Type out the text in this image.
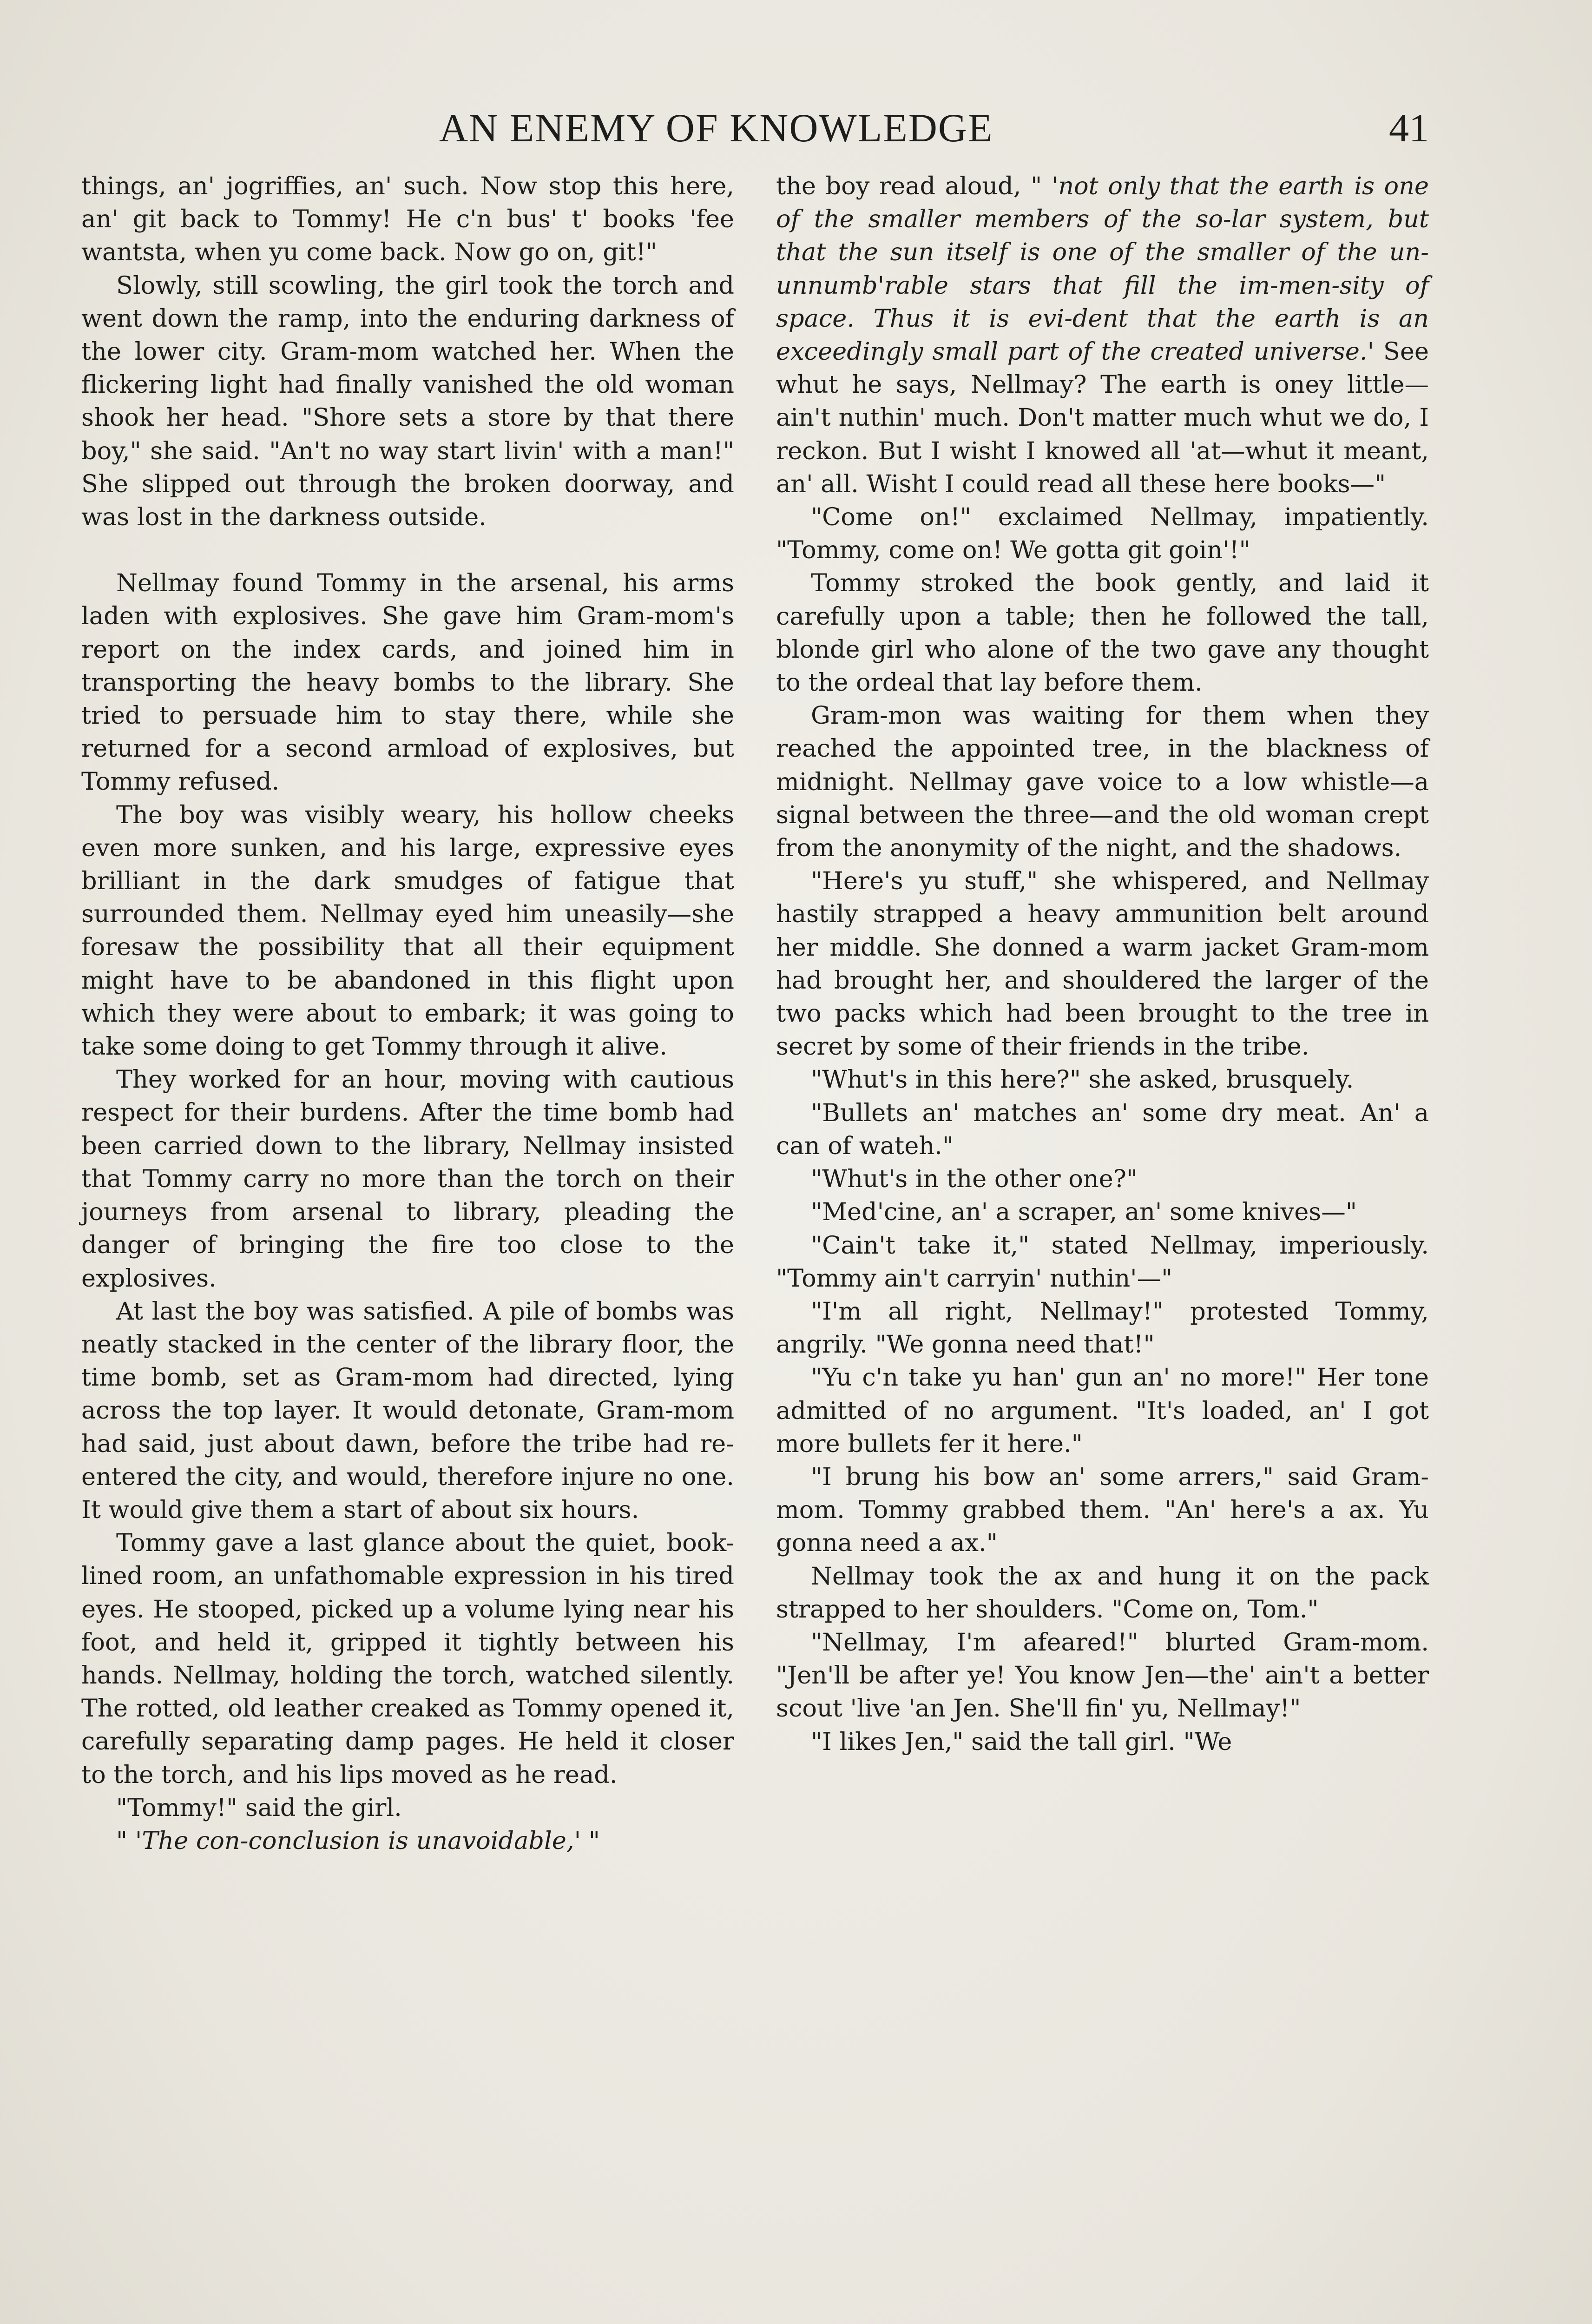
AN ENEMY OF KNOWLEDGE	41

things, an' jogriffies, an' such. Now stop this here, an' git back to Tommy! He c'n bus' t' books 'fee wantsta, when yu come back. Now go on, git!"

Slowly, still scowling, the girl took the torch and went down the ramp, into the enduring darkness of the lower city. Gram-mom watched her. When the flickering light had finally vanished the old woman shook her head. "Shore sets a store by that there boy," she said. "An't no way start livin' with a man!" She slipped out through the broken doorway, and was lost in the darkness outside.

Nellmay found Tommy in the arsenal, his arms laden with explosives. She gave him Gram-mom's report on the index cards, and joined him in transporting the heavy bombs to the library. She tried to persuade him to stay there, while she returned for a second armload of explosives, but Tommy refused.

The boy was visibly weary, his hollow cheeks even more sunken, and his large, expressive eyes brilliant in the dark smudges of fatigue that surrounded them. Nellmay eyed him uneasily—she foresaw the possibility that all their equipment might have to be abandoned in this flight upon which they were about to embark; it was going to take some doing to get Tommy through it alive.

They worked for an hour, moving with cautious respect for their burdens. After the time bomb had been carried down to the library, Nellmay insisted that Tommy carry no more than the torch on their journeys from arsenal to library, pleading the danger of bringing the fire too close to the explosives.

At last the boy was satisfied. A pile of bombs was neatly stacked in the center of the library floor, the time bomb, set as Gram-mom had directed, lying across the top layer. It would detonate, Gram-mom had said, just about dawn, before the tribe had re-entered the city, and would, therefore injure no one. It would give them a start of about six hours.

Tommy gave a last glance about the quiet, book-lined room, an unfathomable expression in his tired eyes. He stooped, picked up a volume lying near his foot, and held it, gripped it tightly between his hands. Nellmay, holding the torch, watched silently. The rotted, old leather creaked as Tommy opened it, carefully separating damp pages. He held it closer to the torch, and his lips moved as he read.

"Tommy!" said the girl.

" 'The con-conclusion is unavoidable,' "

the boy read aloud, " 'not only that the earth is one of the smaller members of the so-lar system, but that the sun itself is one of the smaller of the un-unnumb'rable stars that fill the im-men-sity of space. Thus it is evi-dent that the earth is an exceedingly small part of the created universe.' See whut he says, Nellmay? The earth is oney little—ain't nuthin' much. Don't matter much whut we do, I reckon. But I wisht I knowed all 'at—whut it meant, an' all. Wisht I could read all these here books—"

"Come on!" exclaimed Nellmay, impatiently. "Tommy, come on! We gotta git goin'!"

Tommy stroked the book gently, and laid it carefully upon a table; then he followed the tall, blonde girl who alone of the two gave any thought to the ordeal that lay before them.

Gram-mon was waiting for them when they reached the appointed tree, in the blackness of midnight. Nellmay gave voice to a low whistle—a signal between the three—and the old woman crept from the anonymity of the night, and the shadows.

"Here's yu stuff," she whispered, and Nellmay hastily strapped a heavy ammunition belt around her middle. She donned a warm jacket Gram-mom had brought her, and shouldered the larger of the two packs which had been brought to the tree in secret by some of their friends in the tribe.

"Whut's in this here?" she asked, brusquely.

"Bullets an' matches an' some dry meat. An' a can of wateh."

"Whut's in the other one?"

"Med'cine, an' a scraper, an' some knives—"

"Cain't take it," stated Nellmay, imperiously. "Tommy ain't carryin' nuthin'—"

"I'm all right, Nellmay!" protested Tommy, angrily. "We gonna need that!"

"Yu c'n take yu han' gun an' no more!" Her tone admitted of no argument. "It's loaded, an' I got more bullets fer it here."

"I brung his bow an' some arrers," said Gram-mom. Tommy grabbed them. "An' here's a ax. Yu gonna need a ax."

Nellmay took the ax and hung it on the pack strapped to her shoulders. "Come on, Tom."

"Nellmay, I'm afeared!" blurted Gram-mom. "Jen'll be after ye! You know Jen—the' ain't a better scout 'live 'an Jen. She'll fin' yu, Nellmay!"

"I likes Jen," said the tall girl. "We
